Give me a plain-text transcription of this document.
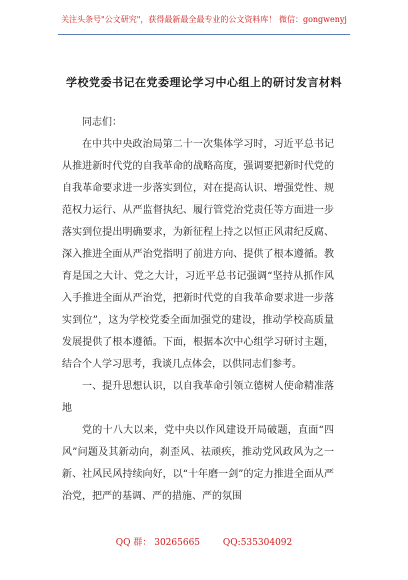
关注头条号"公文研究"，获得最新最全最专业的公文资料库！ 微信：gongwenyj
学校党委书记在党委理论学习中心组上的研讨发言材料

同志们：

在中共中央政治局第二十一次集体学习时，习近平总书记从推进新时代党的自我革命的战略高度，强调要把新时代党的自我革命要求进一步落实到位，对在提高认识、增强党性、规范权力运行、从严监督执纪、履行管党治党责任等方面进一步落实到位提出明确要求，为新征程上持之以恒正风肃纪反腐、深入推进全面从严治党指明了前进方向、提供了根本遵循。教育是国之大计、党之大计，习近平总书记强调“坚持从抓作风入手推进全面从严治党，把新时代党的自我革命要求进一步落实到位”，这为学校党委全面加强党的建设，推动学校高质量发展提供了根本遵循。下面，根据本次中心组学习研讨主题，结合个人学习思考，我谈几点体会，以供同志们参考。

一、提升思想认识，以自我革命引领立德树人使命精准落地

党的十八大以来，党中央以作风建设开局破题，直面“四风”问题及其新动向，刹歪风、祛顽疾，推动党风政风为之一新、社风民风持续向好，以“十年磨一剑”的定力推进全面从严治党，把严的基调、严的措施、严的氛围

QQ 群： 30265665	QQ:535304092
